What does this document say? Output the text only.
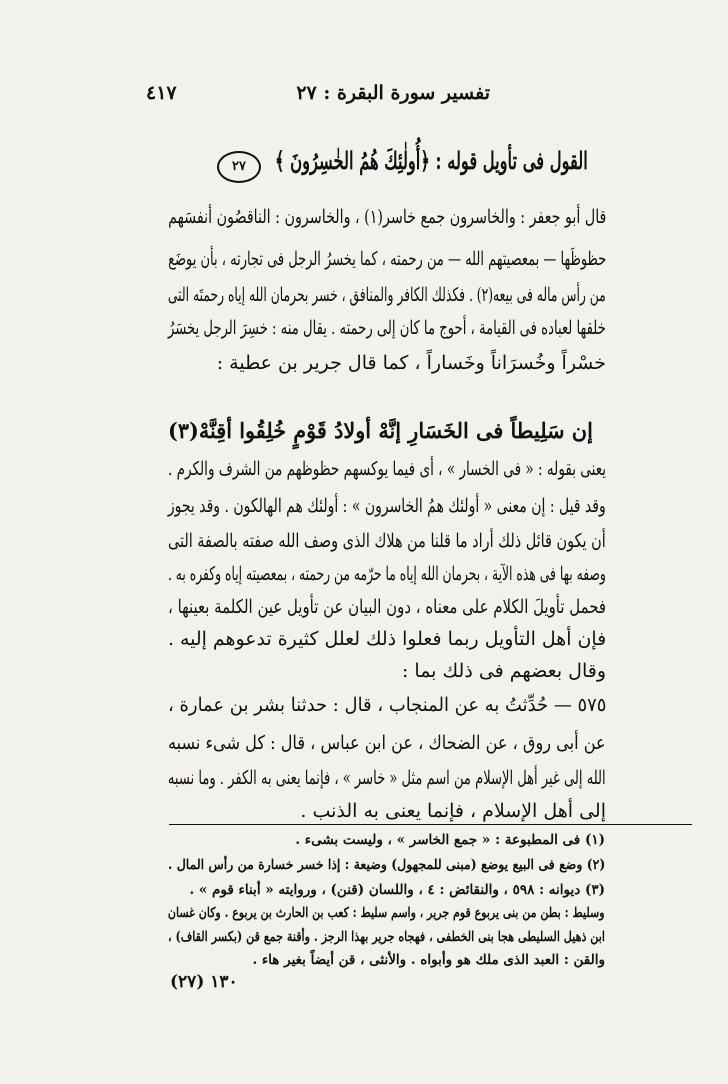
تفسير سورة البقرة : ٢٧
٤١٧
القول فى تأويل قوله : ﴿أُولٰئِكَ هُمُ الخٰسِرُونَ ﴾
٢٧
قال أبو جعفر : والخاسرون جمع خاسر(١) ، والخاسرون : الناقصُون أنفسَهم
حظوظَها — بمعصيتهم الله — من رحمته ، كما يخسرُ الرجل فى تجارته ، بأن يوضَع
من رأس ماله فى بيعه(٢) . فكذلك الكافر والمنافق ، خسر بحرمان الله إياه رحمتَه التى
خلقها لعباده فى القيامة ، أحوج ما كان إلى رحمته . يقال منه : خسِرَ الرجل يخسَرُ
خسْراً وخُسرَاناً وخَساراً ، كما قال جرير بن عطية :
إن سَلِيطاً فى الخَسَارِ إنَّهْ أولادُ قَوْمٍ خُلِقُوا أقِنَّهْ(٣)
يعنى بقوله : « فى الخسار » ، أى فيما يوكسهم حظوظهم من الشرف والكرم .
وقد قيل : إن معنى « أولئك همُ الخاسرون » : أولئك هم الهالكون . وقد يجوز
أن يكون قائل ذلك أراد ما قلنا من هلاك الذى وصف الله صفته بالصفة التى
وصفه بها فى هذه الآية ، بحرمان الله إياه ما حرّمه من رحمته ، بمعصيته إياه وكفره به .
فحمل تأويلَ الكلام على معناه ، دون البيان عن تأويل عين الكلمة بعينها ،
فإن أهل التأويل ربما فعلوا ذلك لعلل كثيرة تدعوهم إليه .
وقال بعضهم فى ذلك بما :
٥٧٥ — حُدِّثتُ به عن المنجاب ، قال : حدثنا بشر بن عمارة ،
عن أبى روق ، عن الضحاك ، عن ابن عباس ، قال : كل شىء نسبه
الله إلى غير أهل الإسلام من اسم مثل « خاسر » ، فإنما يعنى به الكفر . وما نسبه
إلى أهل الإسلام ، فإنما يعنى به الذنب .
(١) فى المطبوعة : « جمع الخاسر » ، وليست بشىء .
(٢) وضع فى البيع يوضع (مبنى للمجهول) وضيعة : إذا خسر خسارة من رأس المال .
(٣) ديوانه : ٥٩٨ ، والنقائض : ٤ ، واللسان (قنن) ، وروايته « أبناء قوم » .
وسليط : بطن من بنى يربوع قوم جرير ، واسم سليط : كعب بن الحارث بن يربوع . وكان غسان
ابن ذهيل السليطى هجا بنى الخطفى ، فهجاه جرير بهذا الرجز . وأقنة جمع قن (بكسر القاف) ،
والقن : العبد الذى ملك هو وأبواه . والأنثى ، قن أيضاً بغير هاء .
١٣٠ (٢٧)
